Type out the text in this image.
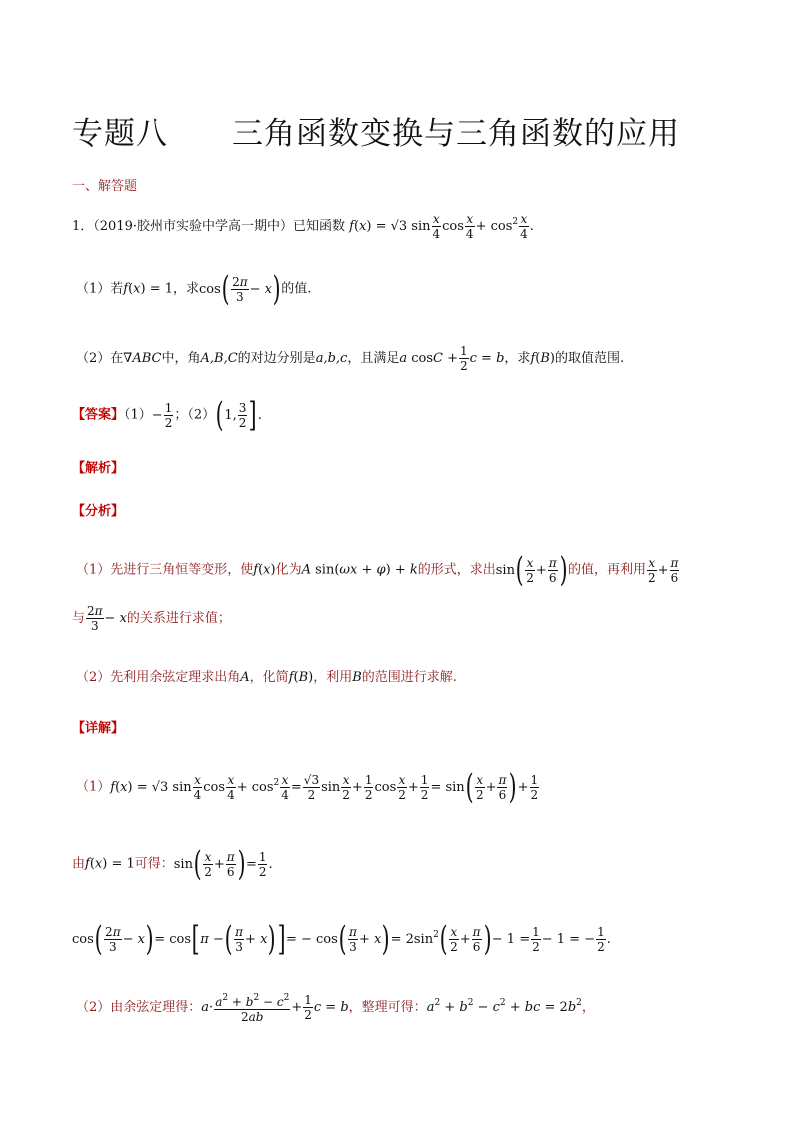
专题八 三角函数变换与三角函数的应用
一、解答题
1．（2019·胶州市实验中学高一期中）已知函数 f(x) = √3 $\sin \frac{x}{4}$ $\cos \frac{x}{4} + \cos^2 \frac{x}{4}$ .
（1）若f(x) = 1，求$\cos( \frac{2\pi}{3} - x)$的值.
（2）在∇ABC中，角A,B,C的对边分别是a,b,c，且满足a $\cos C + \frac{1}{2}$ c = b，求f(B)的取值范围.
【答案】$(1)- \frac{1}{2}$ ；（2）(1, $\frac{3}{2}$ ].
【解析】
【分析】
（1）先进行三角恒等变形，使f(x)化为A sin(ωx + φ) + k的形式，求出$\sin( \frac{x}{2} + \frac{\pi}{6}$ )的值，再利用 $\frac{x}{2} + \frac{\pi}{6}$
与 $\frac{2\pi}{3} - x$的关系进行求值；
（2）先利用余弦定理求出角A，化简f(B)，利用B的范围进行求解.
【详解】
（1）f(x) = √3 $\sin \frac{x}{4}$ $\cos \frac{x}{4} + \cos^2 \frac{x}{4} = \frac{√3}{2}$ $\sin \frac{x}{2} + \frac{1}{2}$ $\cos \frac{x}{2} + \frac{1}{2} = \sin( \frac{x}{2} + \frac{\pi}{6}$ )+ $\frac{1}{2}$
由f(x) = 1可得：$\sin( \frac{x}{2} + \frac{\pi}{6}$ )= $\frac{1}{2}$ .
$\cos( \frac{2\pi}{3} - x)= \cos[\pi$ −( $\frac{\pi}{3} + x)]= - \cos( \frac{\pi}{3} + x)= 2\sin^2( \frac{x}{2} + \frac{\pi}{6}$ )− $1 = \frac{1}{2} - 1$ = − $\frac{1}{2}$ .
（2）由余弦定理得：$a\cdot \frac{a^2 + b^2 - c^2}{2ab} + \frac{1}{2}$ c = b，整理可得：$a^2 + b^2 - c^2$ + bc = $2b^2$，
